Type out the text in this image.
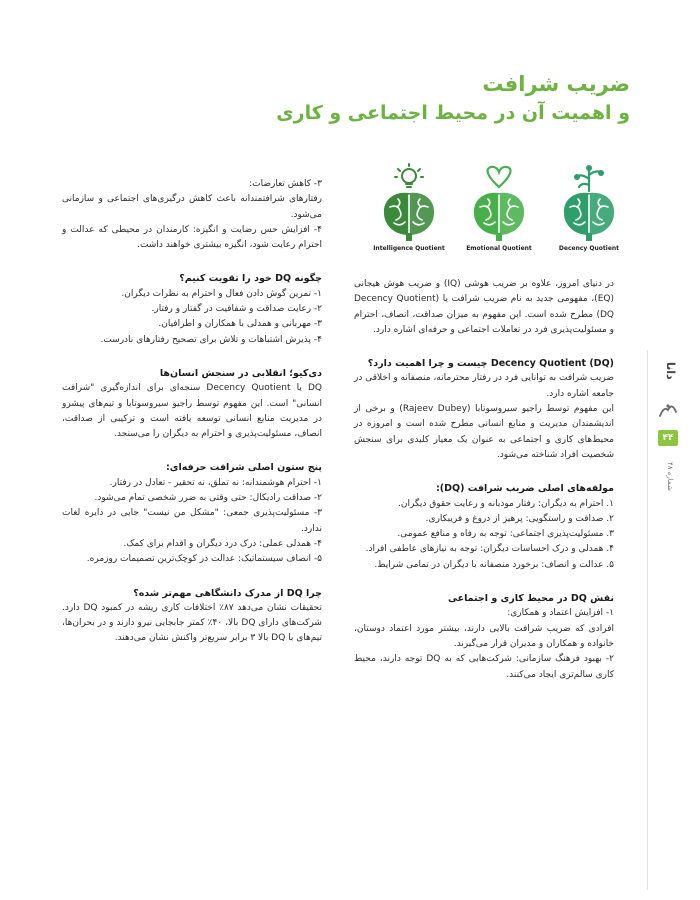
ضریب شرافت
و اهمیت آن در محیط اجتماعی و کاری
Decency Quotient
Emotional Quotient
Intelligence Quotient

در دنیای امروز، علاوه بر ضریب هوشی (IQ) و ضریب هوش هیجانی (EQ)، مفهومی جدید به نام ضریب شرافت یا (Decency Quotient (DQ مطرح شده است. این مفهوم به میزان صداقت، انصاف، احترام و مسئولیت‌پذیری فرد در تعاملات اجتماعی و حرفه‌ای اشاره دارد.

(Decency Quotient (DQ چیست و چرا اهمیت دارد؟

ضریب شرافت به توانایی فرد در رفتار محترمانه، منصفانه و اخلاقی در جامعه اشاره دارد.

این مفهوم توسط راجیو سیروسوتابا (Rajeev Dubey) و برخی از اندیشمندان مدیریت و منابع انسانی مطرح شده است و امروزه در محیط‌های کاری و اجتماعی به عنوان یک معیار کلیدی برای سنجش شخصیت افراد شناخته می‌شود.

مولفه‌های اصلی ضریب شرافت (DQ):

۱. احترام به دیگران: رفتار مودبانه و رعایت حقوق دیگران.

۲. صداقت و راستگویی: پرهیز از دروغ و فریبکاری.

۳. مسئولیت‌پذیری اجتماعی: توجه به رفاه و منافع عمومی.

۴. همدلی و درک احساسات دیگران: توجه به نیازهای عاطفی افراد.

۵. عدالت و انصاف: برخورد منصفانه با دیگران در تمامی شرایط.

نقش DQ در محیط کاری و اجتماعی

۱- افزایش اعتماد و همکاری:

افرادی که ضریب شرافت بالایی دارند، بیشتر مورد اعتماد دوستان، خانواده و همکاران و مدیران قرار می‌گیرند.

۲- بهبود فرهنگ سازمانی: شرکت‌هایی که به DQ توجه دارند، محیط کاری سالم‌تری ایجاد می‌کنند.

۳- کاهش تعارضات:

رفتارهای شرافتمندانه باعث کاهش درگیری‌های اجتماعی و سازمانی می‌شود.

۴- افزایش حس رضایت و انگیزه: کارمندان در محیطی که عدالت و احترام رعایت شود، انگیزه بیشتری خواهند داشت.

چگونه DQ خود را تقویت کنیم؟

۱- تمرین گوش دادن فعال و احترام به نظرات دیگران.

۲- رعایت صداقت و شفافیت در گفتار و رفتار.

۳- مهربانی و همدلی با همکاران و اطرافیان.

۴- پذیرش اشتباهات و تلاش برای تصحیح رفتارهای نادرست.

دی‌کیو؛ انقلابی در سنجش انسان‌ها

DQ یا Decency Quotient سنجه‌ای برای اندازه‌گیری "شرافت انسانی" است. این مفهوم توسط راجیو سیروسوتابا و تیم‌های پیشرو در مدیریت منابع انسانی توسعه یافته است و ترکیبی از صداقت، انصاف، مسئولیت‌پذیری و احترام به دیگران را می‌سنجد.

پنج ستون اصلی شرافت حرفه‌ای:

۱- احترام هوشمندانه: نه تملق، نه تحقیر - تعادل در رفتار.

۲- صداقت رادیکال: حتی وقتی به ضرر شخصی تمام می‌شود.

۳- مسئولیت‌پذیری جمعی: "مشکل من نیست" جایی در دایره لغات ندارد.

۴- همدلی عملی: درک درد دیگران و اقدام برای کمک.

۵- انصاف سیستماتیک: عدالت در کوچک‌ترین تصمیمات روزمره.

چرا DQ از مدرک دانشگاهی مهم‌تر شده؟

تحقیقات نشان می‌دهد ۸۷٪ اختلافات کاری ریشه در کمبود DQ دارد. شرکت‌های دارای DQ بالا، ۴۰٪ کمتر جابجایی نیرو دارند و در بحران‌ها، تیم‌های با DQ بالا ۳ برابر سریع‌تر واکنش نشان می‌دهند.

دانا
۴۴
شماره ۴۸
